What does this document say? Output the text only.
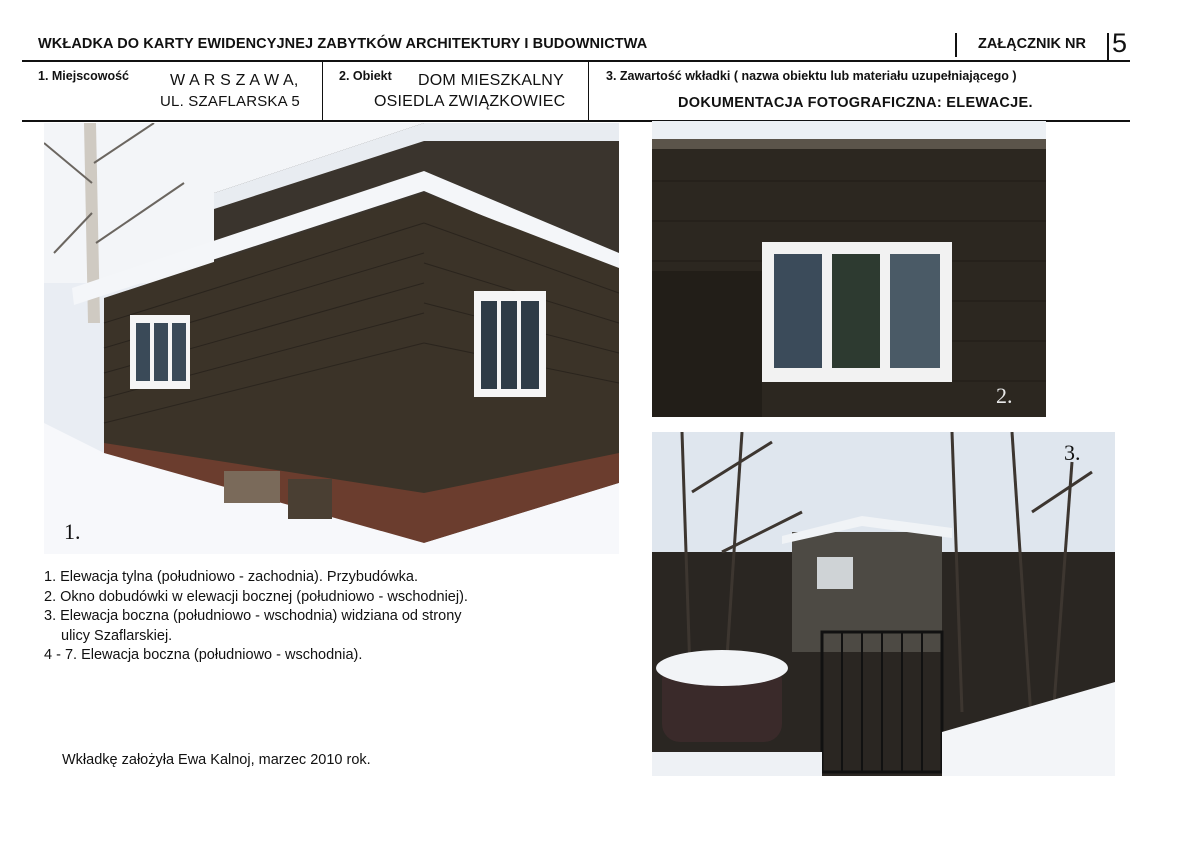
WKŁADKA DO KARTY EWIDENCYJNEJ ZABYTKÓW ARCHITEKTURY I BUDOWNICTWA	ZAŁĄCZNIK NR 5
1. Miejscowość	W A R S Z A W A,
UL. SZAFLARSKA 5
2. Obiekt DOM MIESZKALNY
OSIEDLA ZWIĄZKOWIEC
3. Zawartość wkładki ( nazwa obiektu lub materiału uzupełniającego )
DOKUMENTACJA FOTOGRAFICZNA: ELEWACJE.
1.
2.
3.
1. Elewacja tylna (południowo - zachodnia). Przybudówka.
2. Okno dobudówki w elewacji bocznej (południowo - wschodniej).
3. Elewacja boczna (południowo - wschodnia) widziana od strony
ulicy Szaflarskiej.
4 - 7. Elewacja boczna (południowo - wschodnia).
Wkładkę założyła Ewa Kalnoj, marzec 2010 rok.
